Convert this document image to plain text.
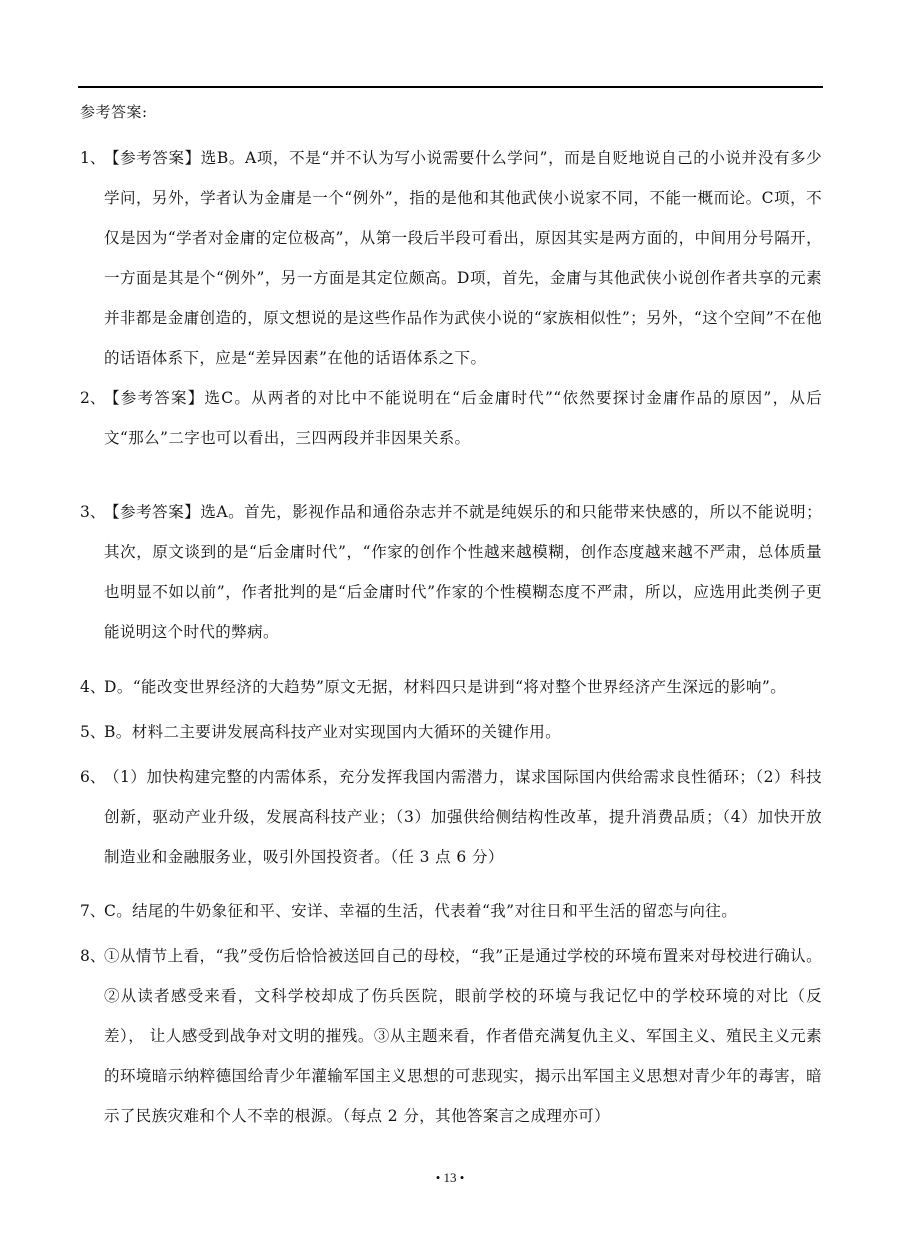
参考答案:
1、
【参考答案】选B。A项，不是“并不认为写小说需要什么学问”，而是自贬地说自己的小说并没有多少学问，另外，学者认为金庸是一个“例外”，指的是他和其他武侠小说家不同，不能一概而论。C项，不仅是因为“学者对金庸的定位极高”，从第一段后半段可看出，原因其实是两方面的，中间用分号隔开，一方面是其是个“例外”，另一方面是其定位颇高。D项，首先，金庸与其他武侠小说创作者共享的元素并非都是金庸创造的，原文想说的是这些作品作为武侠小说的“家族相似性”；另外，“这个空间”不在他的话语体系下，应是“差异因素”在他的话语体系之下。
2、
【参考答案】选C。从两者的对比中不能说明在“后金庸时代”“依然要探讨金庸作品的原因”，从后文“那么”二字也可以看出，三四两段并非因果关系。
3、
【参考答案】选A。首先，影视作品和通俗杂志并不就是纯娱乐的和只能带来快感的，所以不能说明；其次，原文谈到的是“后金庸时代”，“作家的创作个性越来越模糊，创作态度越来越不严肃，总体质量也明显不如以前”，作者批判的是“后金庸时代”作家的个性模糊态度不严肃，所以，应选用此类例子更能说明这个时代的弊病。
4、
D。“能改变世界经济的大趋势”原文无据，材料四只是讲到“将对整个世界经济产生深远的影响”。
5、
B。材料二主要讲发展高科技产业对实现国内大循环的关键作用。
6、
（1）加快构建完整的内需体系，充分发挥我国内需潜力，谋求国际国内供给需求良性循环；（2）科技创新，驱动产业升级，发展高科技产业；（3）加强供给侧结构性改革，提升消费品质；（4）加快开放制造业和金融服务业，吸引外国投资者。（任 3 点 6 分）
7、
C。结尾的牛奶象征和平、安详、幸福的生活，代表着“我”对往日和平生活的留恋与向往。
8、
①从情节上看，“我”受伤后恰恰被送回自己的母校，“我”正是通过学校的环境布置来对母校进行确认。②从读者感受来看，文科学校却成了伤兵医院，眼前学校的环境与我记忆中的学校环境的对比（反差）， 让人感受到战争对文明的摧残。③从主题来看，作者借充满复仇主义、军国主义、殖民主义元素的环境暗示纳粹德国给青少年灌输军国主义思想的可悲现实，揭示出军国主义思想对青少年的毒害，暗示了民族灾难和个人不幸的根源。（每点 2 分，其他答案言之成理亦可）
• 13 •
